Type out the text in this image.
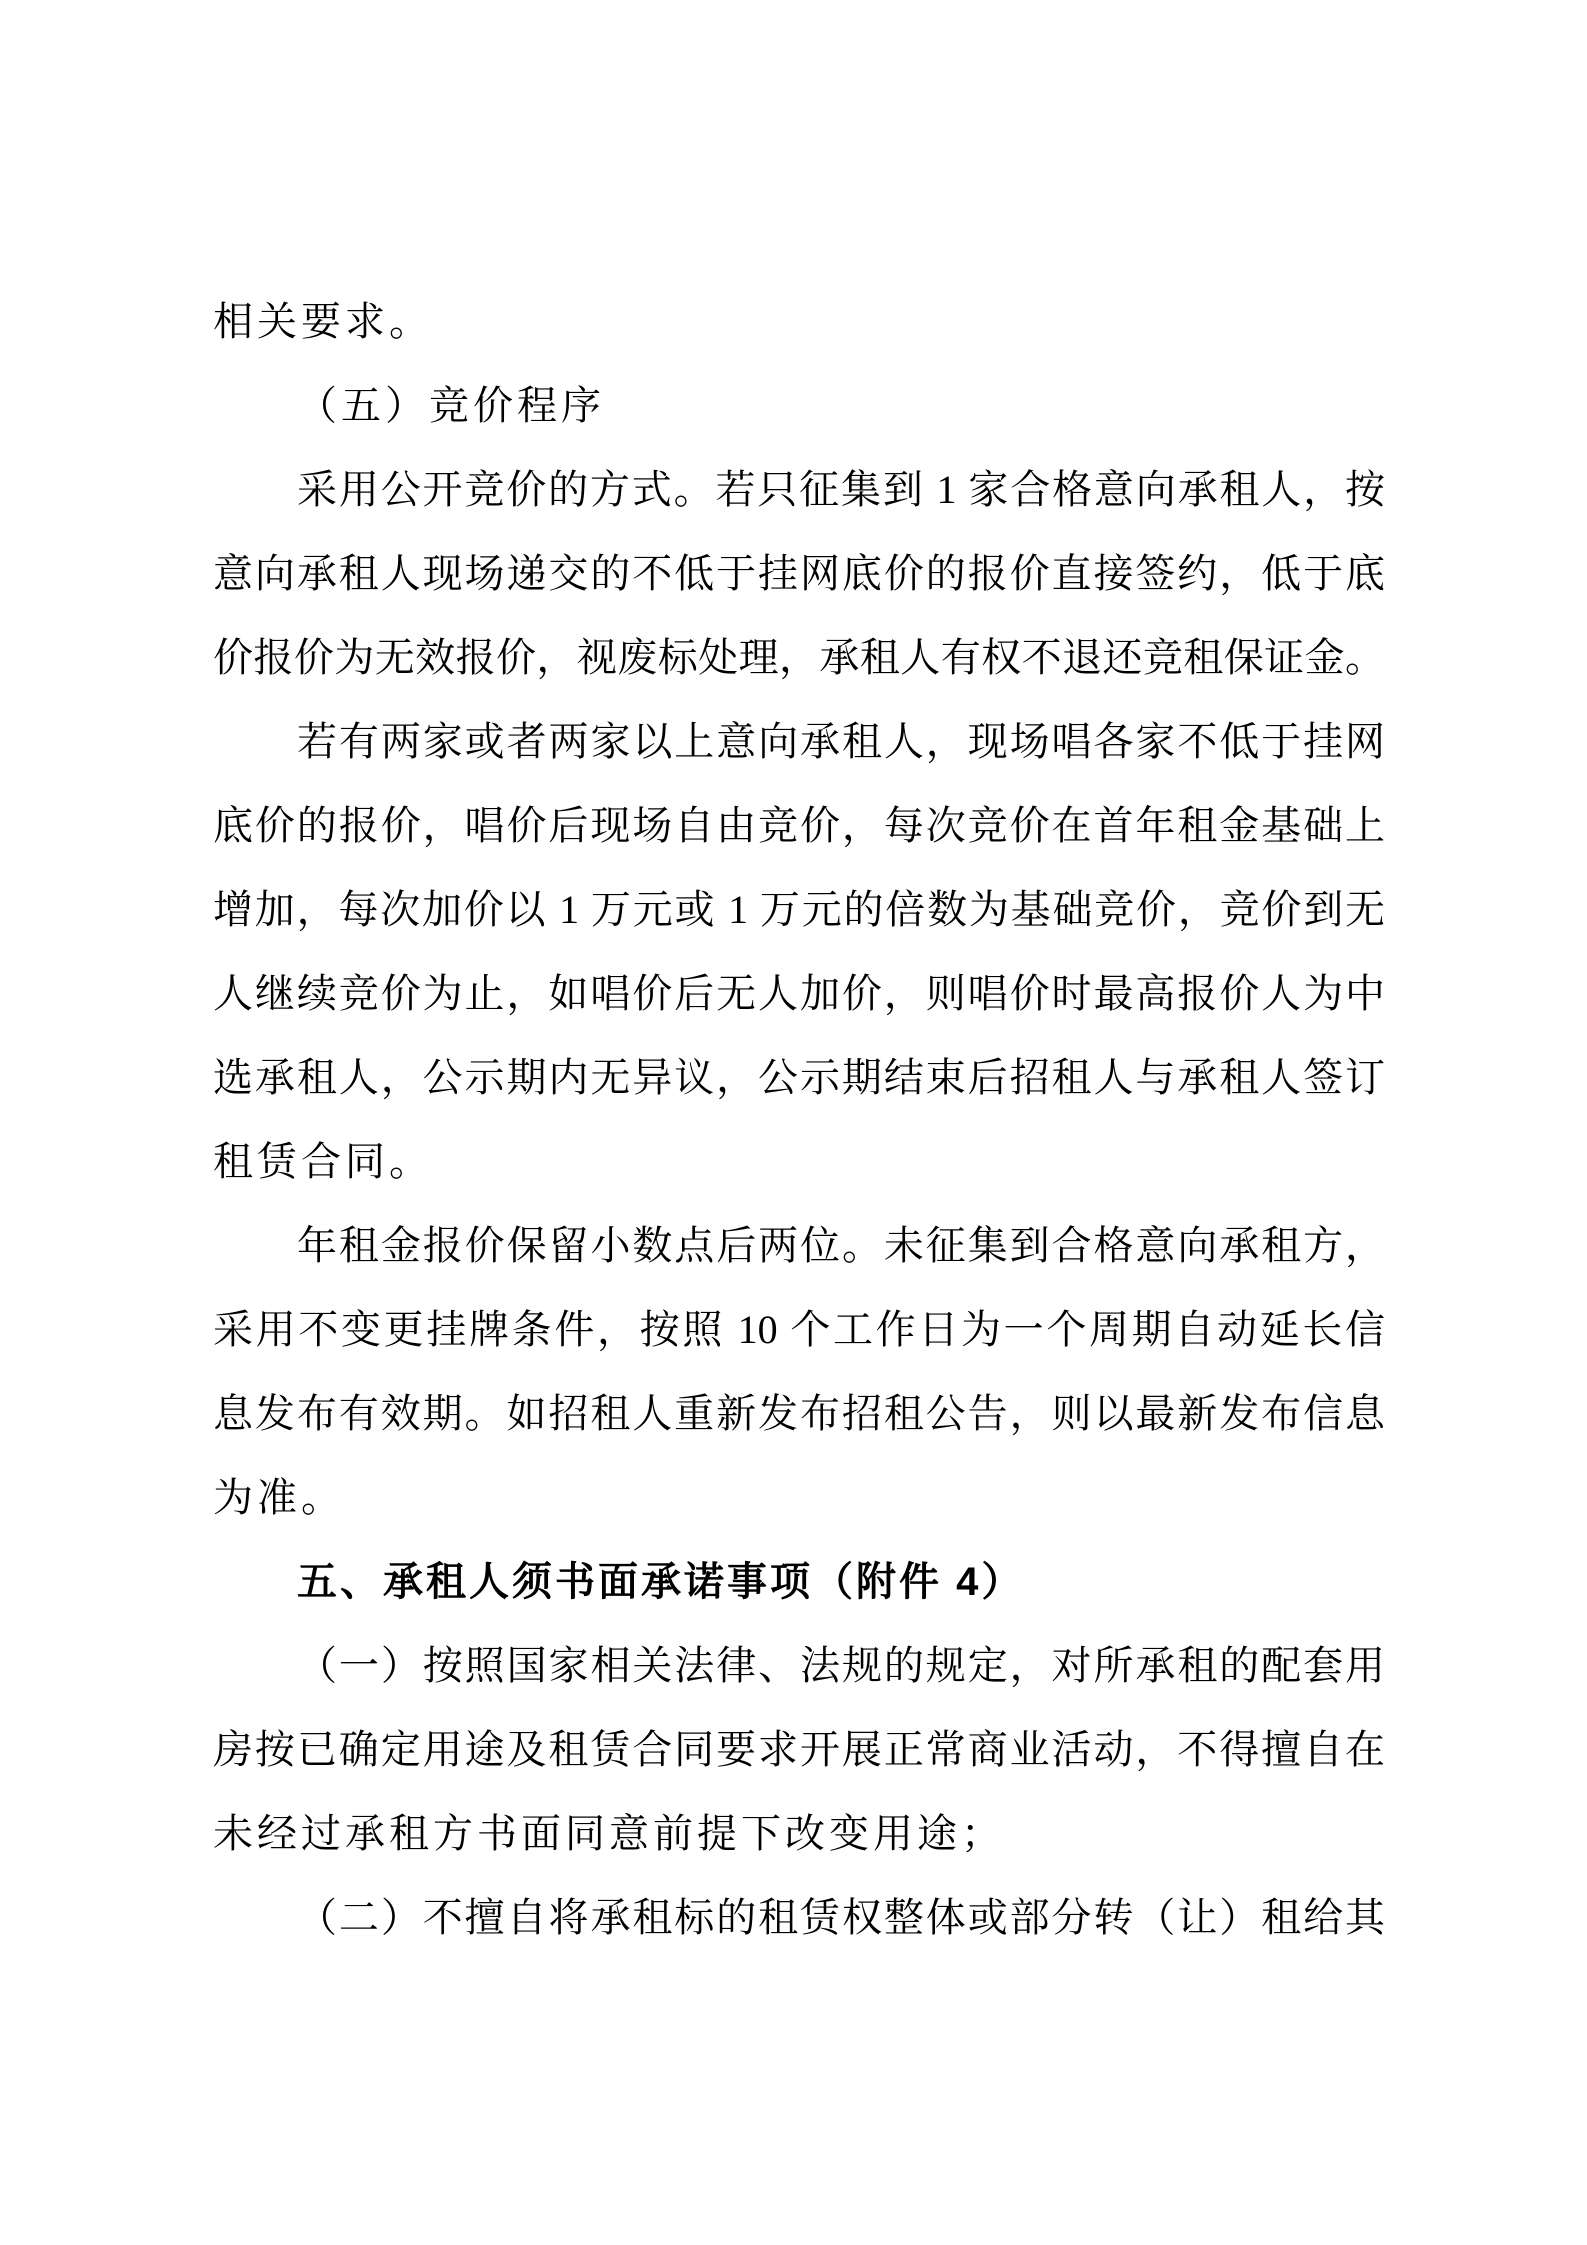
相关要求。
（五）竞价程序
采用公开竞价的方式。若只征集到 1 家合格意向承租人，按
意向承租人现场递交的不低于挂网底价的报价直接签约，低于底
价报价为无效报价，视废标处理，承租人有权不退还竞租保证金。
若有两家或者两家以上意向承租人，现场唱各家不低于挂网
底价的报价，唱价后现场自由竞价，每次竞价在首年租金基础上
增加，每次加价以 1 万元或 1 万元的倍数为基础竞价，竞价到无
人继续竞价为止，如唱价后无人加价，则唱价时最高报价人为中
选承租人，公示期内无异议，公示期结束后招租人与承租人签订
租赁合同。
年租金报价保留小数点后两位。未征集到合格意向承租方，
采用不变更挂牌条件，按照 10 个工作日为一个周期自动延长信
息发布有效期。如招租人重新发布招租公告，则以最新发布信息
为准。
五、承租人须书面承诺事项（附件 4）
（一）按照国家相关法律、法规的规定，对所承租的配套用
房按已确定用途及租赁合同要求开展正常商业活动，不得擅自在
未经过承租方书面同意前提下改变用途；
（二）不擅自将承租标的租赁权整体或部分转（让）租给其
